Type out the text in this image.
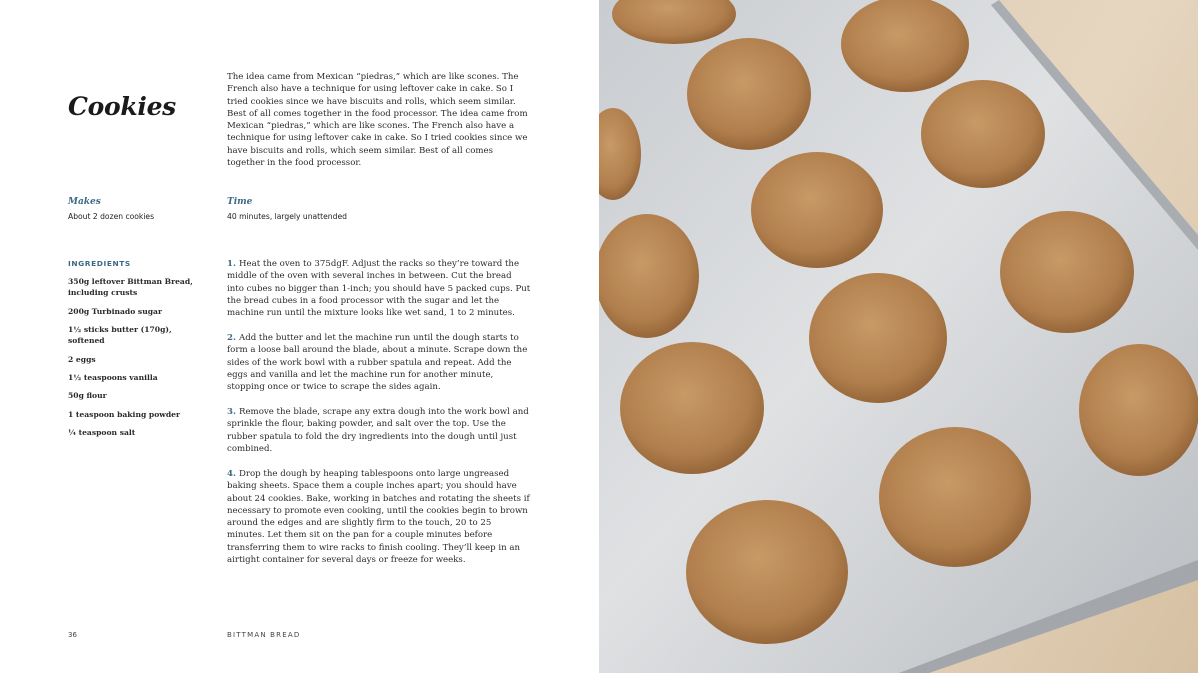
Cookies

The idea came from Mexican “piedras,” which are like scones. The French also have a technique for using leftover cake in cake. So I tried cookies since we have biscuits and rolls, which seem similar. Best of all comes together in the food processor. The idea came from Mexican “piedras,” which are like scones. The French also have a technique for using leftover cake in cake. So I tried cookies since we have biscuits and rolls, which seem similar. Best of all comes together in the food processor.

Makes
About 2 dozen cookies
Time
40 minutes, largely unattended
INGREDIENTS
350g leftover Bittman Bread, including crusts
200g Turbinado sugar
1½ sticks butter (170g), softened
2 eggs
1½ teaspoons vanilla
50g flour
1 teaspoon baking powder
¼ teaspoon salt

1. Heat the oven to 375dgF. Adjust the racks so they’re toward the middle of the oven with several inches in between. Cut the bread into cubes no bigger than 1-inch; you should have 5 packed cups. Put the bread cubes in a food processor with the sugar and let the machine run until the mixture looks like wet sand, 1 to 2 minutes.

2. Add the butter and let the machine run until the dough starts to form a loose ball around the blade, about a minute. Scrape down the sides of the work bowl with a rubber spatula and repeat. Add the eggs and vanilla and let the machine run for another minute, stopping once or twice to scrape the sides again.

3. Remove the blade, scrape any extra dough into the work bowl and sprinkle the flour, baking powder, and salt over the top. Use the rubber spatula to fold the dry ingredients into the dough until just combined.

4. Drop the dough by heaping tablespoons onto large ungreased baking sheets. Space them a couple inches apart; you should have about 24 cookies. Bake, working in batches and rotating the sheets if necessary to promote even cooking, until the cookies begin to brown around the edges and are slightly firm to the touch, 20 to 25 minutes. Let them sit on the pan for a couple minutes before transferring them to wire racks to finish cooling. They’ll keep in an airtight container for several days or freeze for weeks.

36	BITTMAN BREAD
